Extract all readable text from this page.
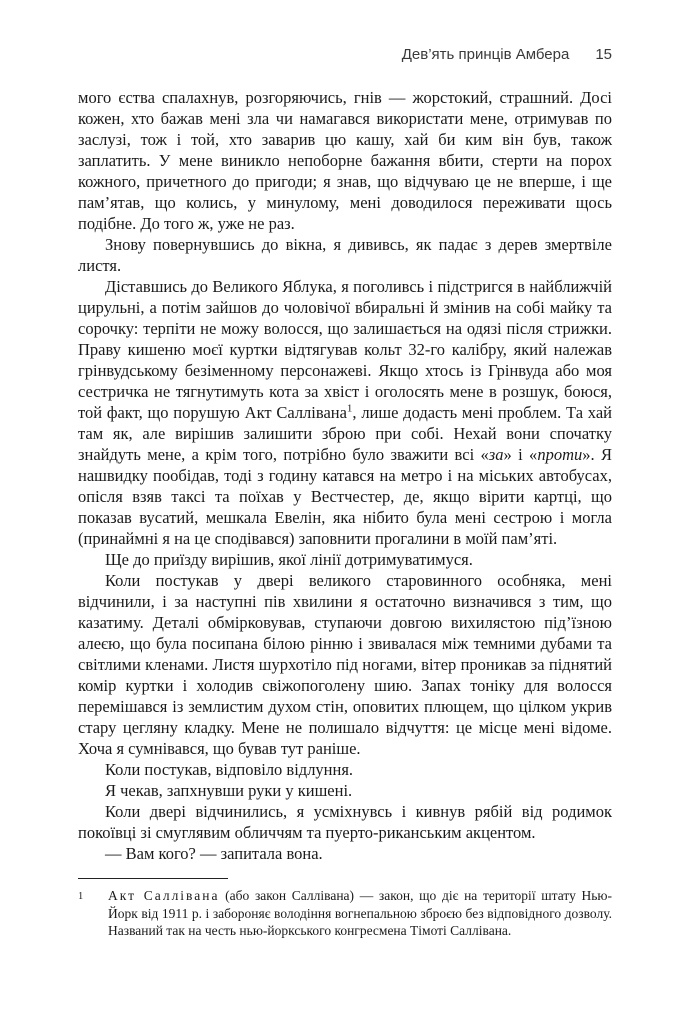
Дев’ять принців Амбера 15

мого єства спалахнув, розгоряючись, гнів — жорстокий, страшний. Досі кожен, хто бажав мені зла чи намагався використати мене, отримував по заслузі, тож і той, хто заварив цю кашу, хай би ким він був, також заплатить. У мене виникло непоборне бажання вбити, стерти на порох кожного, причетного до пригоди; я знав, що відчуваю це не вперше, і ще пам’ятав, що колись, у минулому, мені доводилося переживати щось подібне. До того ж, уже не раз.

Знову повернувшись до вікна, я дививсь, як падає з дерев змертвіле листя.

Діставшись до Великого Яблука, я поголивсь і підстригся в найближчій цирульні, а потім зайшов до чоловічої вбиральні й змінив на собі майку та сорочку: терпіти не можу волосся, що залишається на одязі після стрижки. Праву кишеню моєї куртки відтягував кольт 32-го калібру, який належав грінвудському безіменному персонажеві. Якщо хтось із Грінвуда або моя сестричка не тягнутимуть кота за хвіст і оголосять мене в розшук, боюся, той факт, що порушую Акт Саллівана$^1$, лише додасть мені проблем. Та хай там як, але вирішив залишити зброю при собі. Нехай вони спочатку знайдуть мене, а крім того, потрібно було зважити всі «за» і «проти». Я нашвидку пообідав, тоді з годину катався на метро і на міських автобусах, опісля взяв таксі та поїхав у Вестчестер, де, якщо вірити картці, що показав вусатий, мешкала Евелін, яка нібито була мені сестрою і могла (принаймні я на це сподівався) заповнити прогалини в моїй пам’яті.

Ще до приїзду вирішив, якої лінії дотримуватимуся.

Коли постукав у двері великого старовинного особняка, мені відчинили, і за наступні пів хвилини я остаточно визначився з тим, що казатиму. Деталі обмірковував, ступаючи довгою вихилястою під’їзною алеєю, що була посипана білою рінню і звивалася між темними дубами та світлими кленами. Листя шурхотіло під ногами, вітер проникав за піднятий комір куртки і холодив свіжопоголену шию. Запах тоніку для волосся перемішався із землистим духом стін, оповитих плющем, що цілком укрив стару цегляну кладку. Мене не полишало відчуття: це місце мені відоме. Хоча я сумнівався, що бував тут раніше.

Коли постукав, відповіло відлуння.

Я чекав, запхнувши руки у кишені.

Коли двері відчинились, я усміхнувсь і кивнув рябій від родимок покоївці зі смуглявим обличчям та пуерто-риканським акцентом.

— Вам кого? — запитала вона.

1	Акт Саллівана (або закон Саллівана) — закон, що діє на території штату Нью-Йорк від 1911 р. і забороняє володіння вогнепальною зброєю без відповідного дозволу. Названий так на честь нью-йоркського конгресмена Тімоті Саллівана.
